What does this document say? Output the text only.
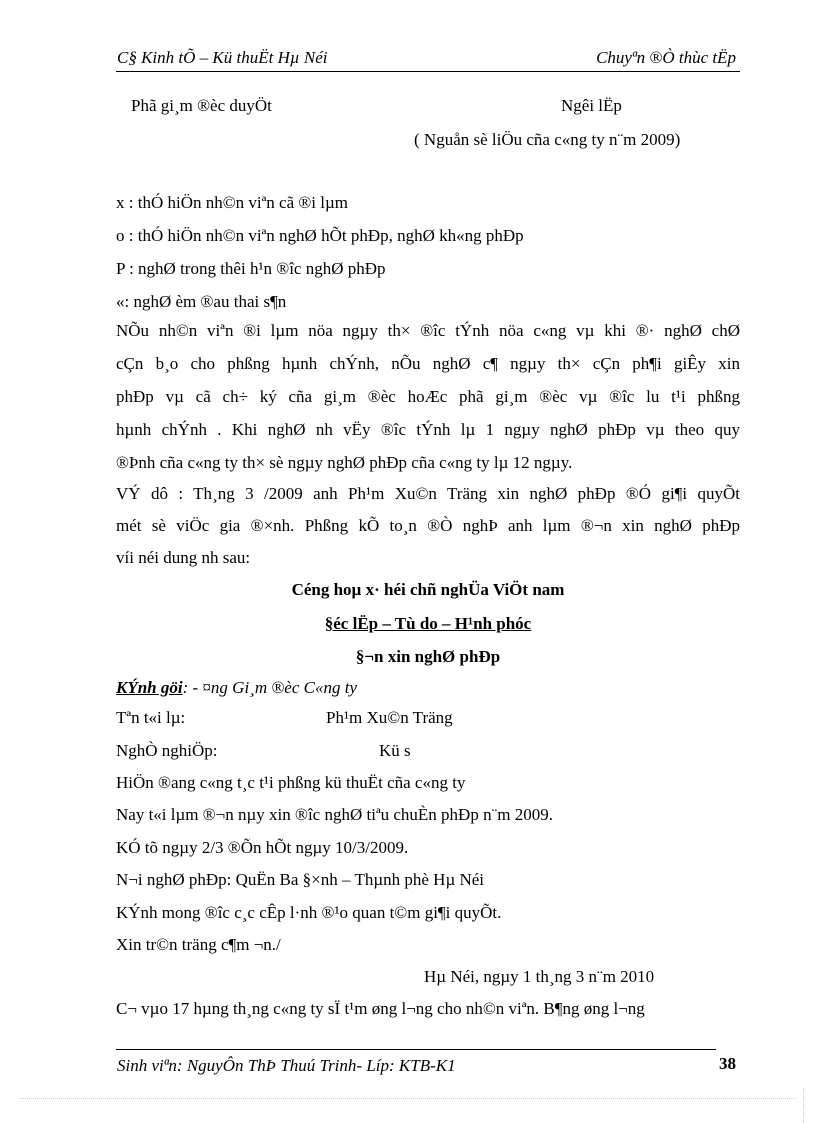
C§ Kinh tÕ – Kü thuËt Hµ Néi	Chuyªn ®Ò thùc tËp
Phã gi¸m ®èc duyÖt	Ngêi lËp
( Nguån sè liÖu cña c«ng ty n¨m 2009)
x : thÓ hiÖn nh©n viªn cã ®i lµm
o : thÓ hiÖn nh©n viªn nghØ hÕt phÐp, nghØ kh«ng phÐp
P : nghØ trong thêi h¹n ®îc nghØ phÐp
«: nghØ èm ®au thai s¶n
NÕu nh©n viªn ®i lµm nöa ngµy th× ®îc tÝnh nöa c«ng vµ khi ®· nghØ chØ
cÇn b¸o cho phßng hµnh chÝnh, nÕu nghØ c¶ ngµy th× cÇn ph¶i giÊy xin
phÐp vµ cã ch÷ ký cña gi¸m ®èc hoÆc phã gi¸m ®èc vµ ®îc lu t¹i phßng
hµnh chÝnh . Khi nghØ nh vËy ®îc tÝnh lµ 1 ngµy nghØ phÐp vµ theo quy
®Þnh cña c«ng ty th× sè ngµy nghØ phÐp cña c«ng ty lµ 12 ngµy.
VÝ dô : Th¸ng 3 /2009 anh Ph¹m Xu©n Träng xin nghØ phÐp ®Ó gi¶i quyÕt
mét sè viÖc gia ®×nh. Phßng kÕ to¸n ®Ò nghÞ anh lµm ®¬n xin nghØ phÐp
víi néi dung nh sau:
Céng hoµ x· héi chñ nghÜa ViÖt nam
§éc lËp – Tù do – H¹nh phóc
§¬n xin nghØ phÐp
KÝnh göi: - ¤ng Gi¸m ®èc C«ng ty
Tªn t«i lµ:	Ph¹m Xu©n Träng
NghÒ nghiÖp:	Kü s
HiÖn ®ang c«ng t¸c t¹i phßng kü thuËt cña c«ng ty
Nay t«i lµm ®¬n nµy xin ®îc nghØ tiªu chuÈn phÐp n¨m 2009.
KÓ tõ ngµy 2/3 ®Õn hÕt ngµy 10/3/2009.
N¬i nghØ phÐp: QuËn Ba §×nh – Thµnh phè Hµ Néi
KÝnh mong ®îc c¸c cÊp l·nh ®¹o quan t©m gi¶i quyÕt.
Xin tr©n träng c¶m ¬n./
Hµ Néi, ngµy 1 th¸ng 3 n¨m 2010
C¬ vµo 17 hµng th¸ng c«ng ty sÏ t¹m øng l¬ng cho nh©n viªn. B¶ng øng l¬ng
Sinh viªn: NguyÔn ThÞ Thuú Trinh- Líp: KTB-K1	38
